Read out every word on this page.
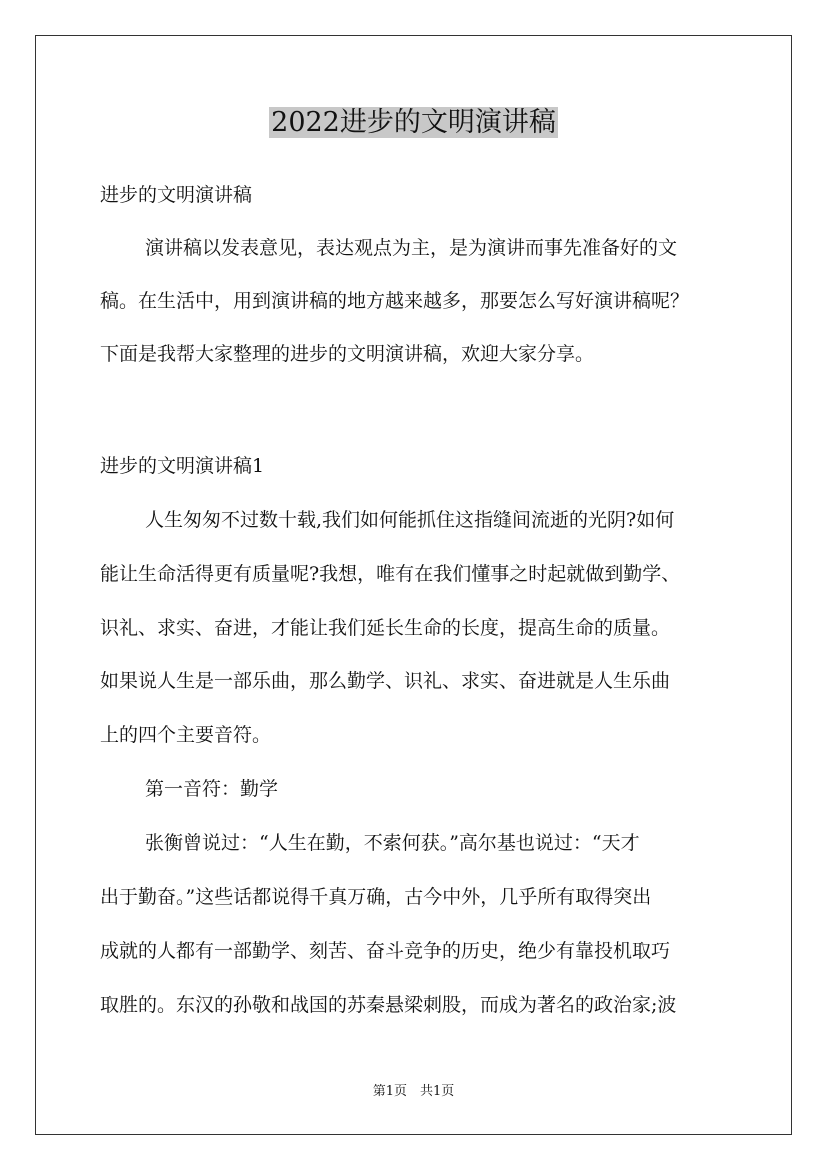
2022进步的文明演讲稿

进步的文明演讲稿

演讲稿以发表意见，表达观点为主，是为演讲而事先准备好的文

稿。在生活中，用到演讲稿的地方越来越多，那要怎么写好演讲稿呢？

下面是我帮大家整理的进步的文明演讲稿，欢迎大家分享。

进步的文明演讲稿1

人生匆匆不过数十载,我们如何能抓住这指缝间流逝的光阴?如何

能让生命活得更有质量呢?我想，唯有在我们懂事之时起就做到勤学、

识礼、求实、奋进，才能让我们延长生命的长度，提高生命的质量。

如果说人生是一部乐曲，那么勤学、识礼、求实、奋进就是人生乐曲

上的四个主要音符。

第一音符：勤学

张衡曾说过：“人生在勤，不索何获。”高尔基也说过：“天才

出于勤奋。”这些话都说得千真万确，古今中外，几乎所有取得突出

成就的人都有一部勤学、刻苦、奋斗竞争的历史，绝少有靠投机取巧

取胜的。东汉的孙敬和战国的苏秦悬梁刺股，而成为著名的政治家;波

第1页　共1页
